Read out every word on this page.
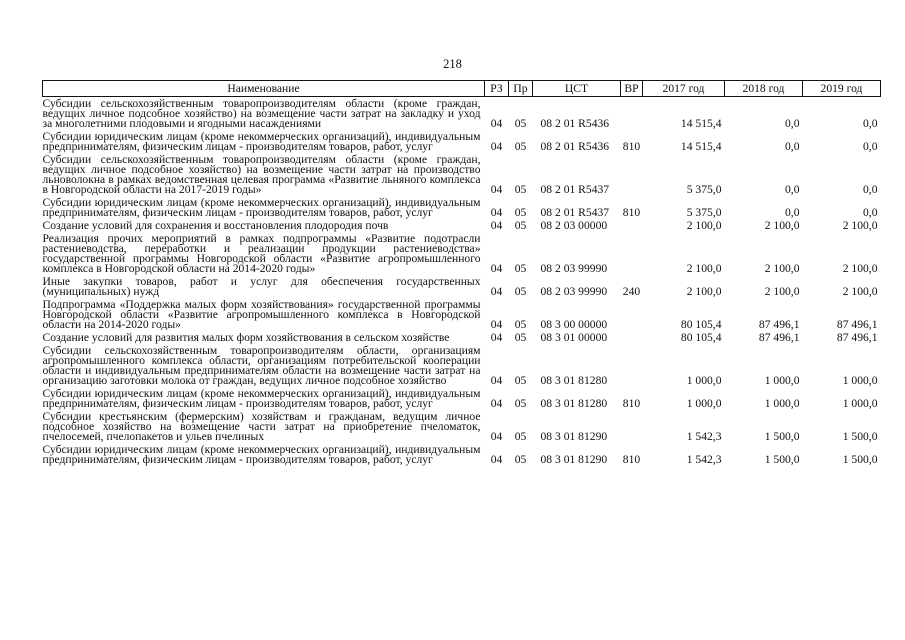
218
Наименование	РЗ	Пр	ЦСТ	ВР	2017 год	2018 год	2019 год
Субсидии сельскохозяйственным товаропроизводителям области (кроме граждан, ведущих личное подсобное хозяйство) на возмещение части затрат на закладку и уход за многолетними плодовыми и ягодными насаждениями	04	05	08 2 01 R5436		14 515,4	0,0	0,0
Субсидии юридическим лицам (кроме некоммерческих организаций), индивидуальным предпринимателям, физическим лицам - производителям товаров, работ, услуг	04	05	08 2 01 R5436	810	14 515,4	0,0	0,0
Субсидии сельскохозяйственным товаропроизводителям области (кроме граждан, ведущих личное подсобное хозяйство) на возмещение части затрат на производство льноволокна в рамках ведомственная целевая программа «Развитие льняного комплекса в Новгородской области на 2017-2019 годы»	04	05	08 2 01 R5437		5 375,0	0,0	0,0
Субсидии юридическим лицам (кроме некоммерческих организаций), индивидуальным предпринимателям, физическим лицам - производителям товаров, работ, услуг	04	05	08 2 01 R5437	810	5 375,0	0,0	0,0
Создание условий для сохранения и восстановления плодородия почв	04	05	08 2 03 00000		2 100,0	2 100,0	2 100,0
Реализация прочих мероприятий в рамках подпрограммы «Развитие подотрасли растениеводства, переработки и реализации продукции растениеводства» государственной программы Новгородской области «Развитие агропромышленного комплекса в Новгородской области на 2014-2020 годы»	04	05	08 2 03 99990		2 100,0	2 100,0	2 100,0
Иные закупки товаров, работ и услуг для обеспечения государственных (муниципальных) нужд	04	05	08 2 03 99990	240	2 100,0	2 100,0	2 100,0
Подпрограмма «Поддержка малых форм хозяйствования» государственной программы Новгородской области «Развитие агропромышленного комплекса в Новгородской области на 2014-2020 годы»	04	05	08 3 00 00000		80 105,4	87 496,1	87 496,1
Создание условий для развития малых форм хозяйствования в сельском хозяйстве	04	05	08 3 01 00000		80 105,4	87 496,1	87 496,1
Субсидии сельскохозяйственным товаропроизводителям области, организациям агропромышленного комплекса области, организациям потребительской кооперации области и индивидуальным предпринимателям области на возмещение части затрат на организацию заготовки молока от граждан, ведущих личное подсобное хозяйство	04	05	08 3 01 81280		1 000,0	1 000,0	1 000,0
Субсидии юридическим лицам (кроме некоммерческих организаций), индивидуальным предпринимателям, физическим лицам - производителям товаров, работ, услуг	04	05	08 3 01 81280	810	1 000,0	1 000,0	1 000,0
Субсидии крестьянским (фермерским) хозяйствам и гражданам, ведущим личное подсобное хозяйство на возмещение части затрат на приобретение пчеломаток, пчелосемей, пчелопакетов и ульев пчелиных	04	05	08 3 01 81290		1 542,3	1 500,0	1 500,0
Субсидии юридическим лицам (кроме некоммерческих организаций), индивидуальным предпринимателям, физическим лицам - производителям товаров, работ, услуг	04	05	08 3 01 81290	810	1 542,3	1 500,0	1 500,0
